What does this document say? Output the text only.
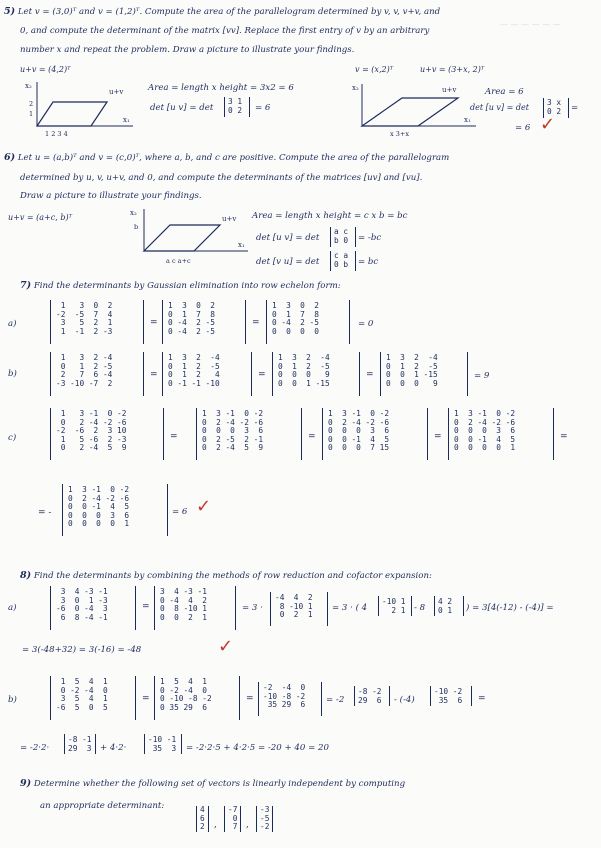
— — — — — —
5) Let v = (3,0)ᵀ and v = (1,2)ᵀ. Compute the area of the parallelogram determined by v, v, v+v, and
0, and compute the determinant of the matrix [vv]. Replace the first entry of v by an arbitrary
number x and repeat the problem. Draw a picture to illustrate your findings.
u+v = (4,2)ᵀ
x₂
x₁
u+v
1 2 3 4
2
1
Area = length x height = 3x2 = 6
det [u v] = det
3 1
0 2 = 6
v = (x,2)ᵀ	u+v = (3+x, 2)ᵀ
x₂
x₁
u+v
x 3+x
Area = 6
det [u v] = det
3 x
0 2 =
= 6 ✓
6) Let u = (a,b)ᵀ and v = (c,0)ᵀ, where a, b, and c are positive. Compute the area of the parallelogram
determined by u, v, u+v, and 0, and compute the determinants of the matrices [uv] and [vu].
Draw a picture to illustrate your findings.
u+v = (a+c, b)ᵀ	x₂
x₁
u+v
b
a c a+c
Area = length x height = c x b = bc
det [u v] = det
a c
b 0 = -bc
det [v u] = det
c a
0 b = bc
7) Find the determinants by Gaussian elimination into row echelon form:
a)
1   3  0  2
-2  -5  7  4
3   5  2  1
1  -1  2 -3
=
1  3  0  2
0  1  7  8
0 -4  2 -5
0 -4  2 -5
=
1  3  0  2
0  1  7  8
0 -4  2 -5
0  0  0  0
= 0
b)
1   3  2 -4
0   1  2 -5
2   7  6 -4
-3 -10 -7  2
=
1  3  2  -4
0  1  2  -5
0  1  2   4
0 -1 -1 -10
=
1  3  2  -4
0  1  2  -5
0  0  0   9
0  0  1 -15
=
1  3  2  -4
0  1  2  -5
0  0  1 -15
0  0  0   9
= 9
c)
1   3 -1  0 -2
0   2 -4 -2 -6
-2  -6  2  3 10
1   5 -6  2 -3
0   2 -4  5  9
=
1  3 -1  0 -2
0  2 -4 -2 -6
0  0  0  3  6
0  2 -5  2 -1
0  2 -4  5  9
=
1  3 -1  0 -2
0  2 -4 -2 -6
0  0  0  3  6
0  0 -1  4  5
0  0  0  7 15
=
1  3 -1  0 -2
0  2 -4 -2 -6
0  0  0  3  6
0  0 -1  4  5
0  0  0  0  1
=
= -
1  3 -1  0 -2
0  2 -4 -2 -6
0  0 -1  4  5
0  0  0  3  6
0  0  0  0  1
= 6 ✓
8) Find the determinants by combining the methods of row reduction and cofactor expansion:
a)
3  4 -3 -1
3  0  1 -3
-6  0 -4  3
6  8 -4 -1
=
3  4 -3 -1
0 -4  4  2
0  8 -10 1
0  0  2  1
= 3 ·
-4  4  2
8 -10 1
0  2  1
= 3 · ( 4
-10 1
2 1 - 8
4 2
0 1 ) = 3[4(-12) - (-4)] =
= 3(-48+32) = 3(-16) = -48	✓
b)
1  5  4  1
0 -2 -4  0
3  5  4  1
-6  5  0  5
=
1  5  4  1
0 -2 -4  0
0 -10 -8 -2
0 35 29  6
=
-2  -4  0
-10 -8 -2
35 29  6 = -2
-8 -2
29  6 - (-4)
-10 -2
35  6 =
= -2·2·
-8 -1
29  3 + 4·2·
-10 -1
35  3 = -2·2·5 + 4·2·5 = -20 + 40 = 20
9) Determine whether the following set of vectors is linearly independent by computing
an appropriate determinant:	4
6
2	,
-7
0
7 ,
-3
-5
-2
